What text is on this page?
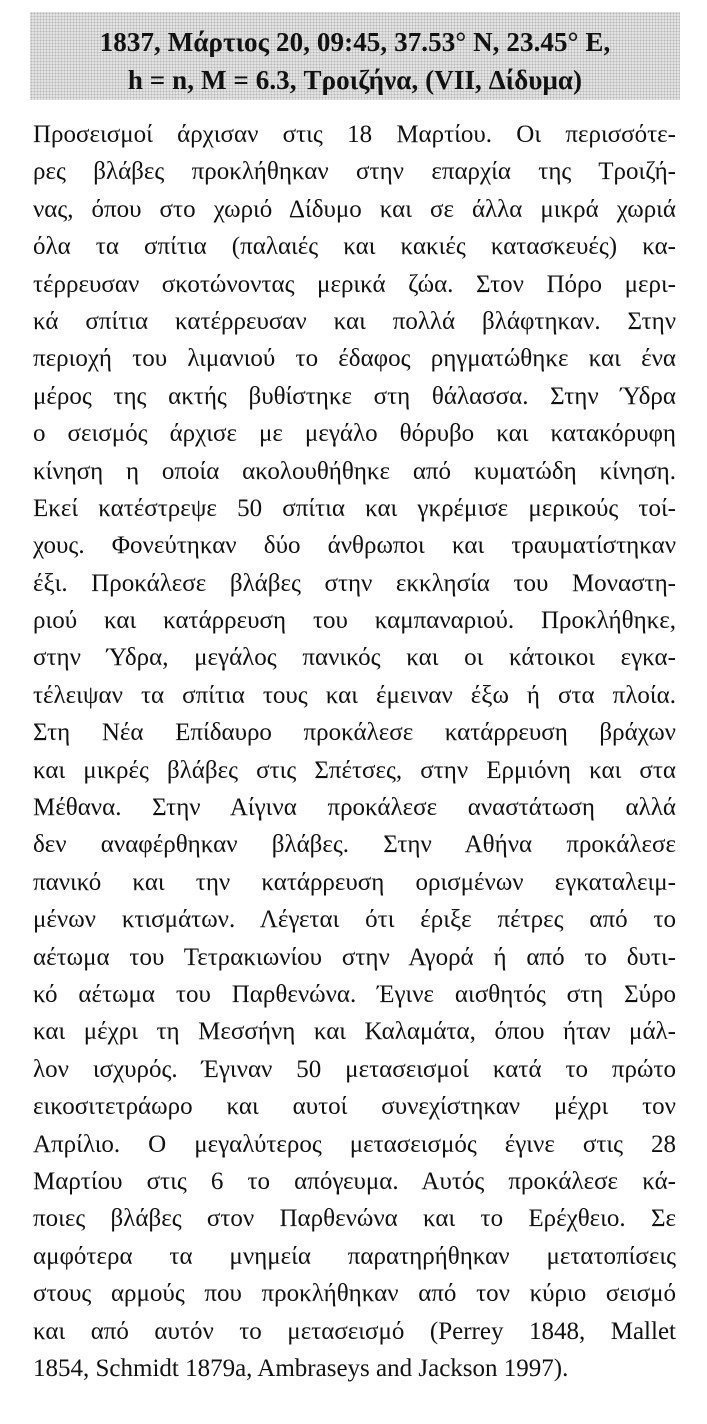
1837, Μάρτιος 20, 09:45, 37.53° N, 23.45° E,
h = n, M = 6.3, Τροιζήνα, (VII, Δίδυμα)
Προσεισμοί άρχισαν στις 18 Μαρτίου. Οι περισσότε-
ρες βλάβες προκλήθηκαν στην επαρχία της Τροιζή-
νας, όπου στο χωριό Δίδυμο και σε άλλα μικρά χωριά
όλα τα σπίτια (παλαιές και κακιές κατασκευές) κα-
τέρρευσαν σκοτώνοντας μερικά ζώα. Στον Πόρο μερι-
κά σπίτια κατέρρευσαν και πολλά βλάφτηκαν. Στην
περιοχή του λιμανιού το έδαφος ρηγματώθηκε και ένα
μέρος της ακτής βυθίστηκε στη θάλασσα. Στην Ύδρα
ο σεισμός άρχισε με μεγάλο θόρυβο και κατακόρυφη
κίνηση η οποία ακολουθήθηκε από κυματώδη κίνηση.
Εκεί κατέστρεψε 50 σπίτια και γκρέμισε μερικούς τοί-
χους. Φονεύτηκαν δύο άνθρωποι και τραυματίστηκαν
έξι. Προκάλεσε βλάβες στην εκκλησία του Μοναστη-
ριού και κατάρρευση του καμπαναριού. Προκλήθηκε,
στην Ύδρα, μεγάλος πανικός και οι κάτοικοι εγκα-
τέλειψαν τα σπίτια τους και έμειναν έξω ή στα πλοία.
Στη Νέα Επίδαυρο προκάλεσε κατάρρευση βράχων
και μικρές βλάβες στις Σπέτσες, στην Ερμιόνη και στα
Μέθανα. Στην Αίγινα προκάλεσε αναστάτωση αλλά
δεν αναφέρθηκαν βλάβες. Στην Αθήνα προκάλεσε
πανικό και την κατάρρευση ορισμένων εγκαταλειμ-
μένων κτισμάτων. Λέγεται ότι έριξε πέτρες από το
αέτωμα του Τετρακιωνίου στην Αγορά ή από το δυτι-
κό αέτωμα του Παρθενώνα. Έγινε αισθητός στη Σύρο
και μέχρι τη Μεσσήνη και Καλαμάτα, όπου ήταν μάλ-
λον ισχυρός. Έγιναν 50 μετασεισμοί κατά το πρώτο
εικοσιτετράωρο και αυτοί συνεχίστηκαν μέχρι τον
Απρίλιο. Ο μεγαλύτερος μετασεισμός έγινε στις 28
Μαρτίου στις 6 το απόγευμα. Αυτός προκάλεσε κά-
ποιες βλάβες στον Παρθενώνα και το Ερέχθειο. Σε
αμφότερα τα μνημεία παρατηρήθηκαν μετατοπίσεις
στους αρμούς που προκλήθηκαν από τον κύριο σεισμό
και από αυτόν το μετασεισμό (Perrey 1848, Mallet
1854, Schmidt 1879a, Ambraseys and Jackson 1997).
